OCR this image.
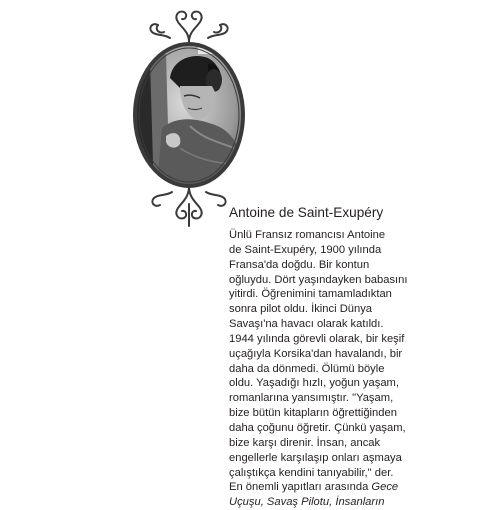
Antoine de Saint-Exupéry
Ünlü Fransız romancısı Antoine
de Saint-Exupéry, 1900 yılında
Fransa'da doğdu. Bir kontun
oğluydu. Dört yaşındayken babasını
yitirdi. Öğrenimini tamamladıktan
sonra pilot oldu. İkinci Dünya
Savaşı'na havacı olarak katıldı.
1944 yılında görevli olarak, bir keşif
uçağıyla Korsika'dan havalandı, bir
daha da dönmedi. Ölümü böyle
oldu. Yaşadığı hızlı, yoğun yaşam,
romanlarına yansımıştır. "Yaşam,
bize bütün kitapların öğrettiğinden
daha çoğunu öğretir. Çünkü yaşam,
bize karşı direnir. İnsan, ancak
engellerle karşılaşıp onları aşmaya
çalıştıkça kendini tanıyabilir," der.
En önemli yapıtları arasında Gece
Uçuşu, Savaş Pilotu, İnsanların
